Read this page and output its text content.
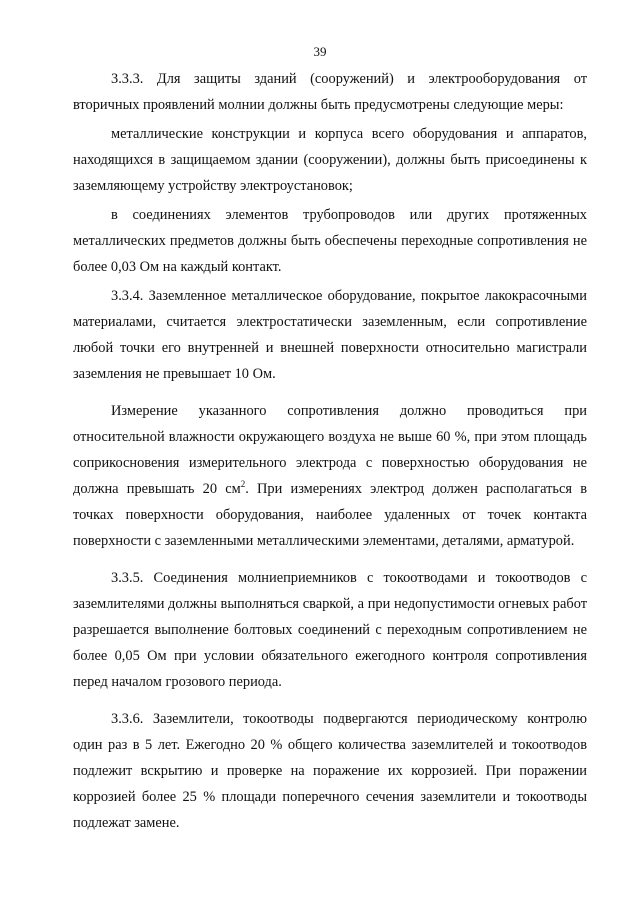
39

3.3.3. Для защиты зданий (сооружений) и электрооборудования от вторичных проявлений молнии должны быть предусмотрены следующие меры:

металлические конструкции и корпуса всего оборудования и аппаратов, находящихся в защищаемом здании (сооружении), должны быть присоединены к заземляющему устройству электроустановок;

в соединениях элементов трубопроводов или других протяженных металлических предметов должны быть обеспечены переходные сопротивления не более 0,03 Ом на каждый контакт.

3.3.4. Заземленное металлическое оборудование, покрытое лакокрасочными материалами, считается электростатически заземленным, если сопротивление любой точки его внутренней и внешней поверхности относительно магистрали заземления не превышает 10 Ом.

Измерение указанного сопротивления должно проводиться при относительной влажности окружающего воздуха не выше 60 %, при этом площадь соприкосновения измерительного электрода с поверхностью оборудования не должна превышать 20 $см^2$. При измерениях электрод должен располагаться в точках поверхности оборудования, наиболее удаленных от точек контакта поверхности с заземленными металлическими элементами, деталями, арматурой.

3.3.5. Соединения молниеприемников с токоотводами и токоотводов с заземлителями должны выполняться сваркой, а при недопустимости огневых работ разрешается выполнение болтовых соединений с переходным сопротивлением не более 0,05 Ом при условии обязательного ежегодного контроля сопротивления перед началом грозового периода.

3.3.6. Заземлители, токоотводы подвергаются периодическому контролю один раз в 5 лет. Ежегодно 20 % общего количества заземлителей и токоотводов подлежит вскрытию и проверке на поражение их коррозией. При поражении коррозией более 25 % площади поперечного сечения заземлители и токоотводы подлежат замене.
